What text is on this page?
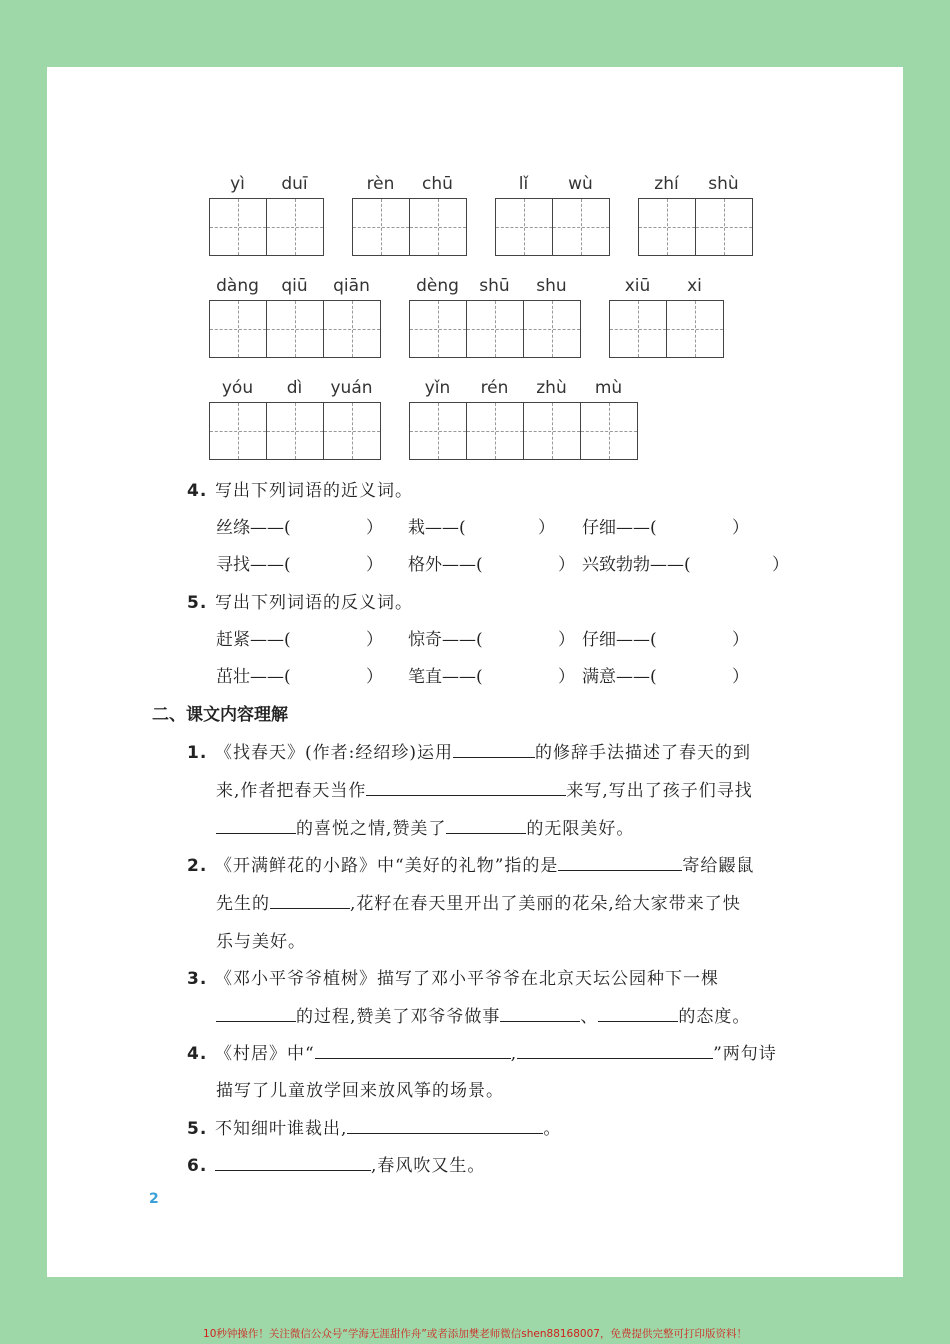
yì	duī	rèn	chū	lǐ	wù	zhí	shù
dàng	qiū	qiān	dèng	shū	shu	xiū	xi
yóu	dì	yuán	yǐn	rén	zhù	mù
4. 写出下列词语的近义词。
丝绦——(	） 栽——(	） 仔细——(	）
寻找——(	） 格外——(	） 兴致勃勃——(	）
5. 写出下列词语的反义词。
赶紧——(	） 惊奇——(	） 仔细——(	）
茁壮——(	） 笔直——(	） 满意——(	）
二、课文内容理解
1. 《找春天》(作者:经绍珍)运用	的修辞手法描述了春天的到
来,作者把春天当作	来写,写出了孩子们寻找
的喜悦之情,赞美了	的无限美好。
2. 《开满鲜花的小路》中“美好的礼物”指的是	寄给鼹鼠
先生的	,花籽在春天里开出了美丽的花朵,给大家带来了快
乐与美好。
3. 《邓小平爷爷植树》描写了邓小平爷爷在北京天坛公园种下一棵
的过程,赞美了邓爷爷做事	、	的态度。
4. 《村居》中“	,	”两句诗
描写了儿童放学回来放风筝的场景。
5. 不知细叶谁裁出,	。
6.	,春风吹又生。
2
10秒钟操作！关注微信公众号“学海无涯甜作舟”或者添加樊老师微信shen88168007，免费提供完整可打印版资料！
